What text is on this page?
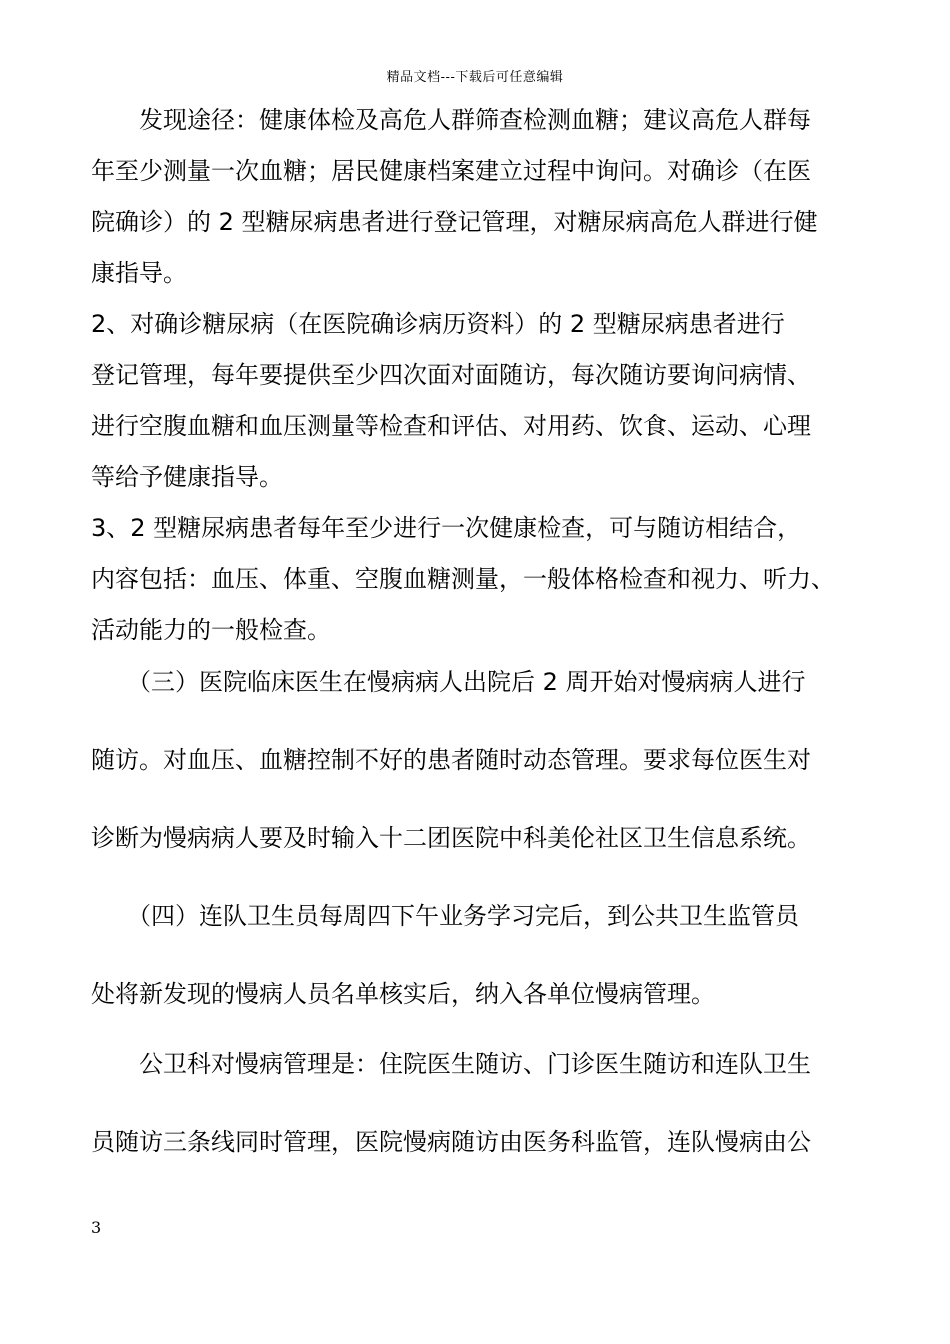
精品文档---下载后可任意编辑
　　发现途径：健康体检及高危人群筛查检测血糖；建议高危人群每
年至少测量一次血糖；居民健康档案建立过程中询问。对确诊（在医
院确诊）的 2 型糖尿病患者进行登记管理，对糖尿病高危人群进行健
康指导。
2、对确诊糖尿病（在医院确诊病历资料）的 2 型糖尿病患者进行
登记管理，每年要提供至少四次面对面随访，每次随访要询问病情、
进行空腹血糖和血压测量等检查和评估、对用药、饮食、运动、心理
等给予健康指导。
3、2 型糖尿病患者每年至少进行一次健康检查，可与随访相结合，
内容包括：血压、体重、空腹血糖测量，一般体格检查和视力、听力、
活动能力的一般检查。
　　（三）医院临床医生在慢病病人出院后 2 周开始对慢病病人进行
随访。对血压、血糖控制不好的患者随时动态管理。要求每位医生对
诊断为慢病病人要及时输入十二团医院中科美伦社区卫生信息系统。
　　（四）连队卫生员每周四下午业务学习完后，到公共卫生监管员
处将新发现的慢病人员名单核实后，纳入各单位慢病管理。
　　公卫科对慢病管理是：住院医生随访、门诊医生随访和连队卫生
员随访三条线同时管理，医院慢病随访由医务科监管，连队慢病由公
3
